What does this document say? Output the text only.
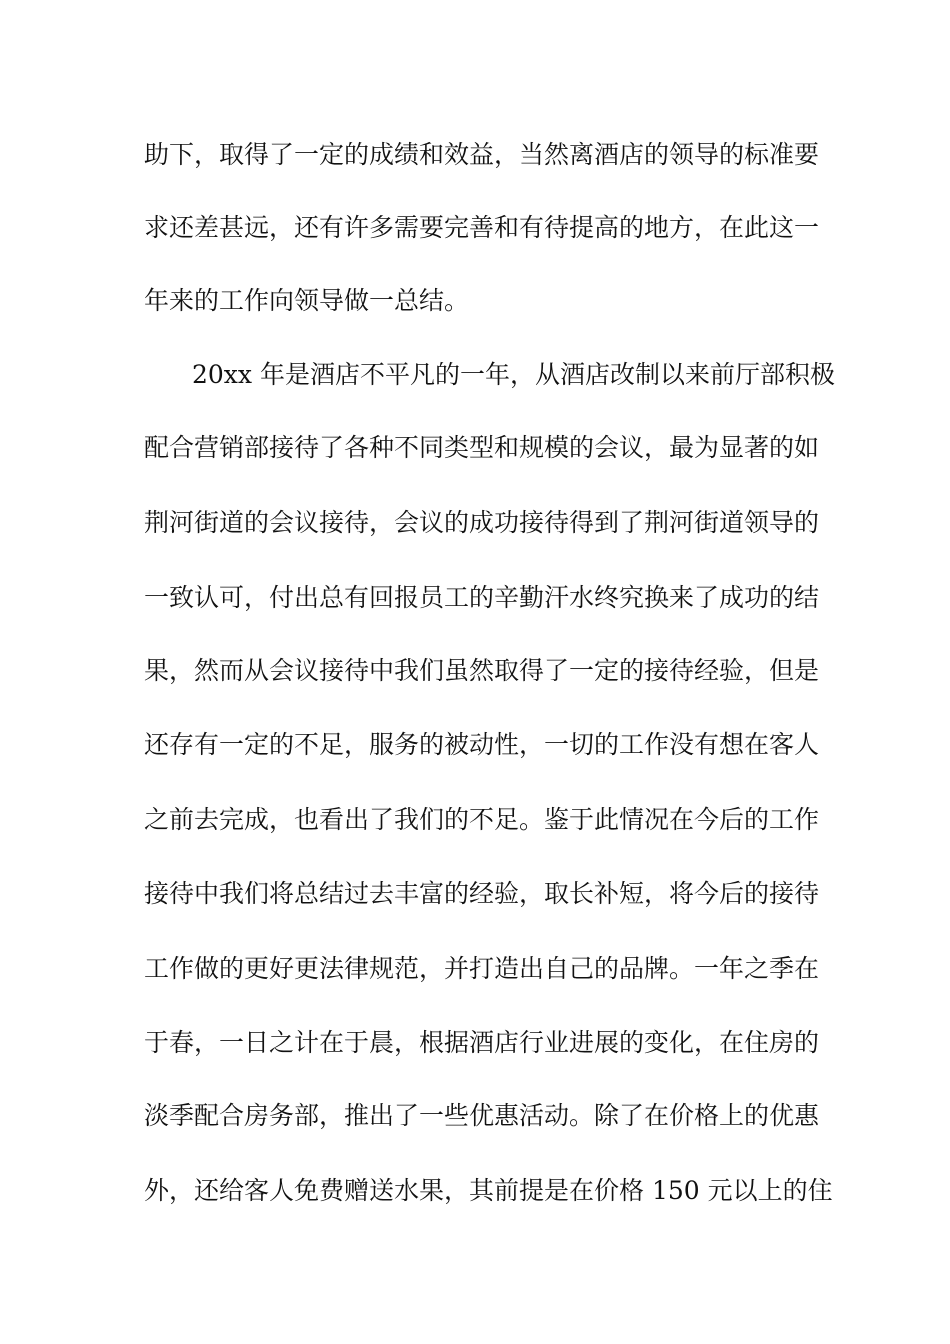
助下，取得了一定的成绩和效益，当然离酒店的领导的标准要
求还差甚远，还有许多需要完善和有待提高的地方，在此这一
年来的工作向领导做一总结。
20xx 年是酒店不平凡的一年，从酒店改制以来前厅部积极
配合营销部接待了各种不同类型和规模的会议，最为显著的如
荆河街道的会议接待，会议的成功接待得到了荆河街道领导的
一致认可，付出总有回报员工的辛勤汗水终究换来了成功的结
果，然而从会议接待中我们虽然取得了一定的接待经验，但是
还存有一定的不足，服务的被动性，一切的工作没有想在客人
之前去完成，也看出了我们的不足。鉴于此情况在今后的工作
接待中我们将总结过去丰富的经验，取长补短，将今后的接待
工作做的更好更法律规范，并打造出自己的品牌。一年之季在
于春，一日之计在于晨，根据酒店行业进展的变化，在住房的
淡季配合房务部，推出了一些优惠活动。除了在价格上的优惠
外，还给客人免费赠送水果，其前提是在价格 150 元以上的住
